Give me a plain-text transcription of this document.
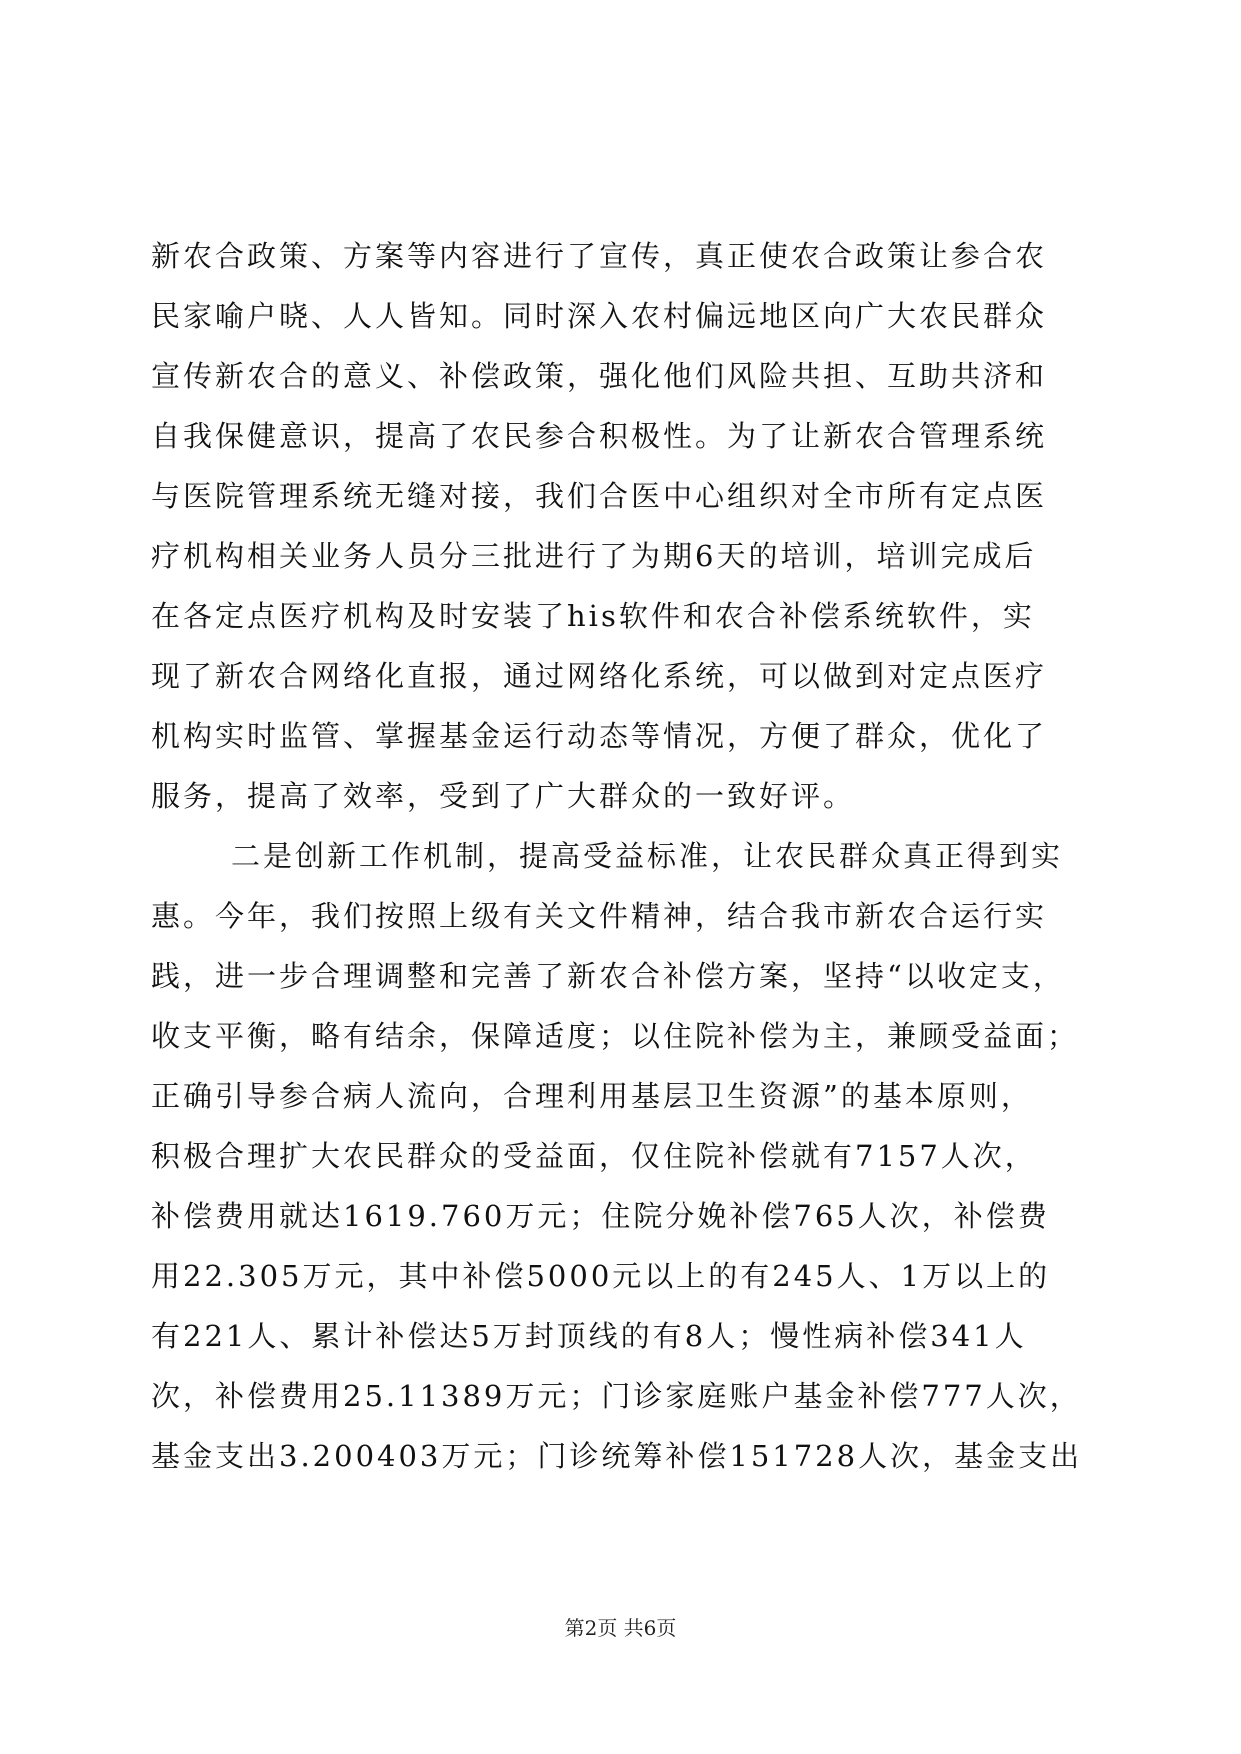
新农合政策、方案等内容进行了宣传，真正使农合政策让参合农
民家喻户晓、人人皆知。同时深入农村偏远地区向广大农民群众
宣传新农合的意义、补偿政策，强化他们风险共担、互助共济和
自我保健意识，提高了农民参合积极性。为了让新农合管理系统
与医院管理系统无缝对接，我们合医中心组织对全市所有定点医
疗机构相关业务人员分三批进行了为期6天的培训，培训完成后
在各定点医疗机构及时安装了his软件和农合补偿系统软件，实
现了新农合网络化直报，通过网络化系统，可以做到对定点医疗
机构实时监管、掌握基金运行动态等情况，方便了群众，优化了
服务，提高了效率，受到了广大群众的一致好评。
二是创新工作机制，提高受益标准，让农民群众真正得到实
惠。今年，我们按照上级有关文件精神，结合我市新农合运行实
践，进一步合理调整和完善了新农合补偿方案，坚持“以收定支，
收支平衡，略有结余，保障适度；以住院补偿为主，兼顾受益面；
正确引导参合病人流向，合理利用基层卫生资源”的基本原则，
积极合理扩大农民群众的受益面，仅住院补偿就有7157人次，
补偿费用就达1619.760万元；住院分娩补偿765人次，补偿费
用22.305万元，其中补偿5000元以上的有245人、1万以上的
有221人、累计补偿达5万封顶线的有8人；慢性病补偿341人
次，补偿费用25.11389万元；门诊家庭账户基金补偿777人次，
基金支出3.200403万元；门诊统筹补偿151728人次，基金支出
第2页 共6页
